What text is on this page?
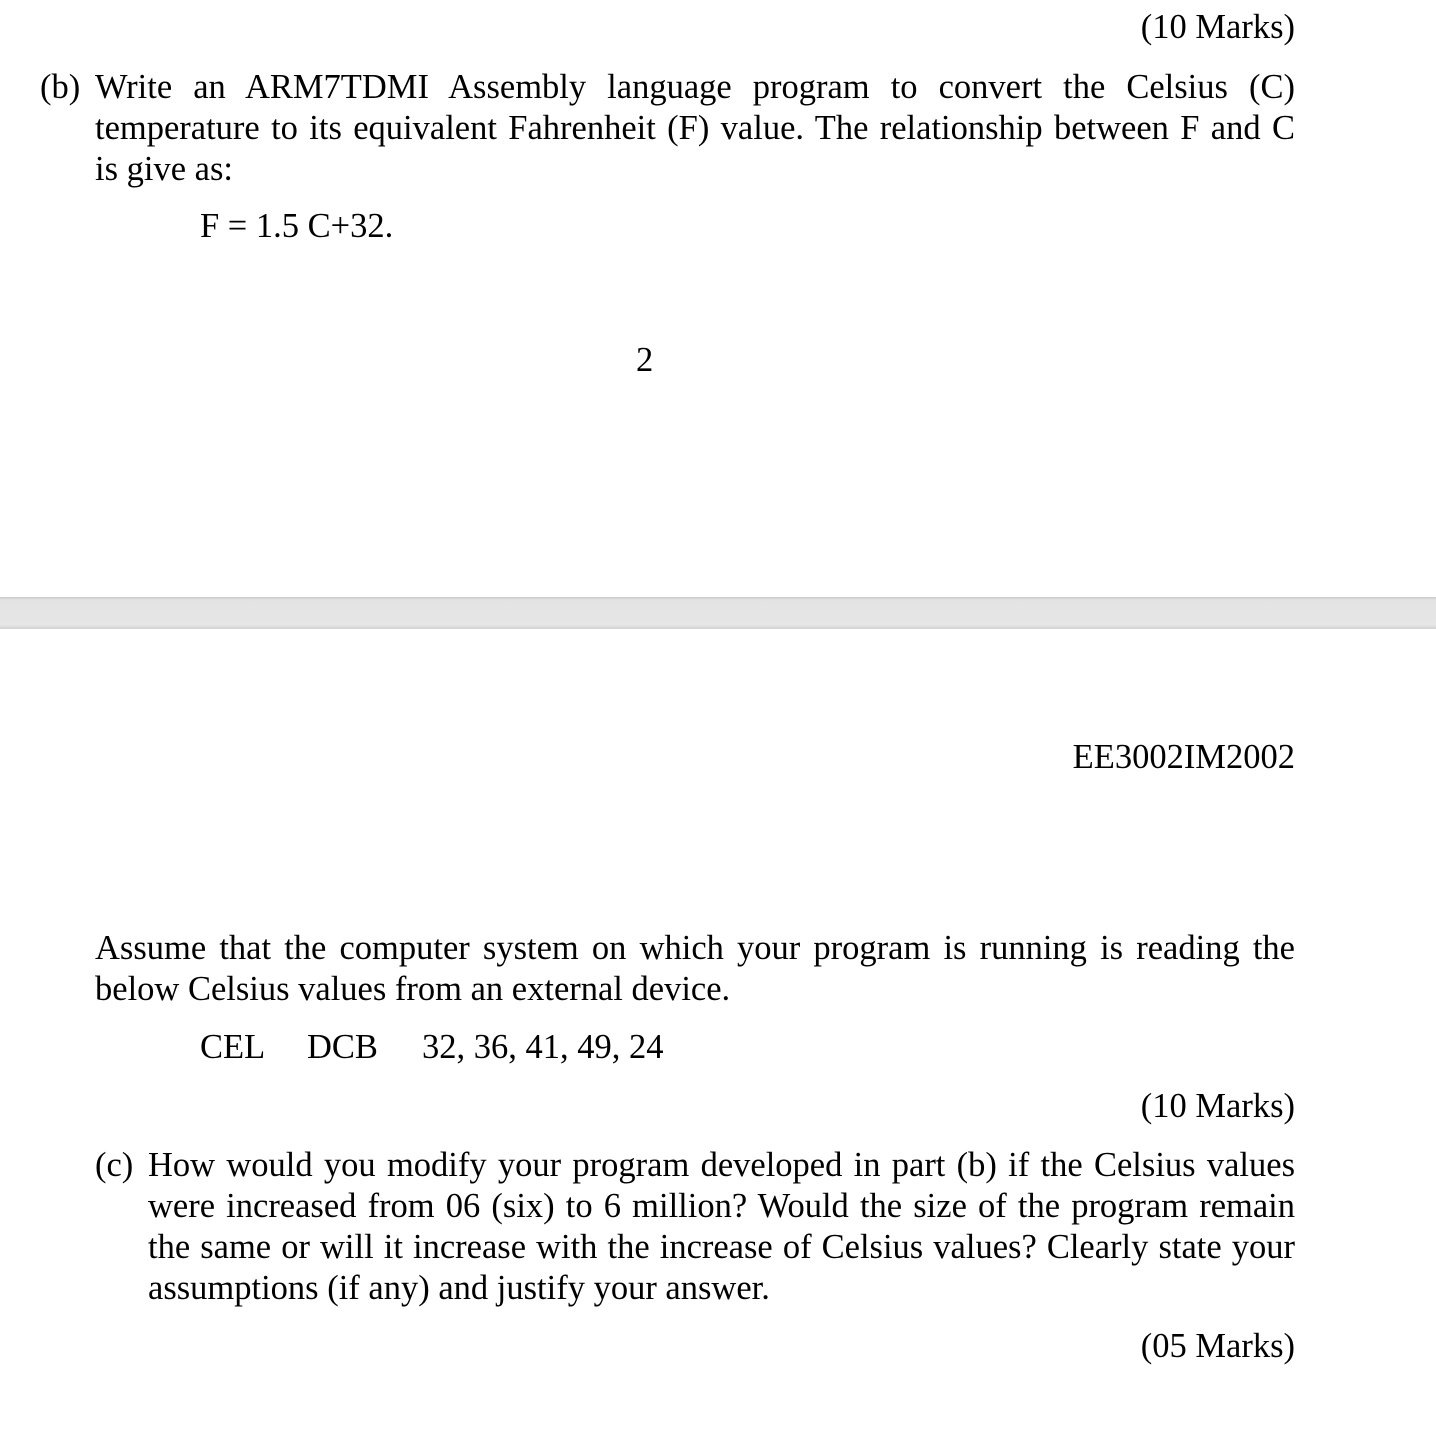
(10 Marks)
(b) Write an ARM7TDMI Assembly language program to convert the Celsius (C)
temperature to its equivalent Fahrenheit (F) value. The relationship between F and C
is give as:
F = 1.5 C+32.
2
EE3002IM2002
Assume that the computer system on which your program is running is reading the
below Celsius values from an external device.
CEL DCB 32, 36, 41, 49, 24
(10 Marks)
(c) How would you modify your program developed in part (b) if the Celsius values
were increased from 06 (six) to 6 million? Would the size of the program remain
the same or will it increase with the increase of Celsius values? Clearly state your
assumptions (if any) and justify your answer.
(05 Marks)
